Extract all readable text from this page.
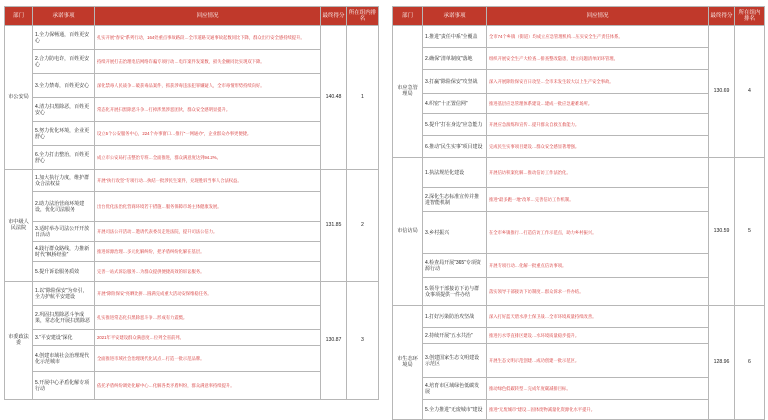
部门	承诺事项	回应情况	最终得分	所在组内排名
市公安局	1.全力保畅通，百姓更安心	扎实开展“春安”系列行动，164处重点事故路段…全市道路交通事故起数同比下降，群众出行安全感持续提升。	140.48	1
	2.合力防电诈，百姓更安心	持续开展打击治理电信网络诈骗专项行动…电诈案件发案数、损失金额同比实现双下降。		
	3.全力禁毒，百姓更安心	深化禁毒人民战争…破获毒品案件，抓获涉毒违法犯罪嫌疑人，全市毒情形势持续向好。		
	4.清力扫黑除恶，百姓更安心	常态化开展扫黑除恶斗争…打掉涉黑涉恶团伙，群众安全感明显提升。		
	5.努力优化环境，企业更舒心	设立5个公安服务中心，224个办事窗口…推行“一网通办”，企业群众办事更便捷。		
	6.全力打击整治，百姓更舒心	成立市公安局打击整治专班…全面推进，群众满意度达到94.2%。		
市中级人民法院	1.加大执行力度，维护群众合法权益	开展“执行攻坚”专项行动…执结一批涉民生案件，兑现胜诉当事人合法权益。	131.85	2
	2.助力法治营商环境建设，优化司法服务	出台优化法治化营商环境若干措施…服务保障市场主体健康发展。		
	3.适时举办司法公开开放日活动	开展司法公开活动…邀请代表委员走进法院，提升司法公信力。		
	4.践行群众路线，力推新时代“枫桥经验”	推进诉源治理…多元化解纠纷，把矛盾纠纷化解在基层。		
	5.提升诉讼服务质效	完善一站式诉讼服务…为群众提供便捷高效的诉讼服务。		
市委政法委	1.以“除险保安”为牵引，全力护航平安建设	开展“除险保安”亮晒比拼…圆满完成重大活动安保维稳任务。	130.87	3
	2.巩固扫黑除恶斗争成果，常态化开展扫黑除恶	扎实推进常态化扫黑除恶斗争…形成有力震慑。		
	3.“平安建设”深化	2021年平安建设群众满意度…位列全省前列。		
	4.创建市域社会治理现代化示范城市	全面推进市域社会治理现代化试点…打造一批示范品牌。		
	5.开展中心矛盾化解专项行动	依托矛盾纠纷调处化解中心…化解各类矛盾纠纷，群众满意率持续提升。		
部门	承诺事项	回应情况	最终得分	所在组内排名
市应急管理局	1.推进“责任中系”全覆盖	全市74个乡镇（街道）均成立应急管理机构…压实安全生产责任体系。	130.69	4
	2.确保“清单制度”落地	组织开展安全生产大检查…排查整改隐患，建立问题清单闭环管理。		
	3.打赢“除险保安”攻坚战	深入开展除险保安百日攻坚…全市未发生较大以上生产安全事故。		
	4.织密“十正置信网”	推进基层应急管理体系建设…建成一批应急避难场所。		
	5.提升“打在身边”应急能力	开展应急演练和宣传…提升群众自救互救能力。		
	6.推动“民生实事”项目建设	完成民生实事项目建设…群众安全感显著增强。		
市信访局	1.执法规范化建设	开展信访积案化解…推动信访工作法治化。	130.59	5
	2.深化生态标准宣传并推进智能机制	推进“最多跑一地”改革…完善信访工作机制。		
	3.乡村振兴	在全市乡镇推行…打造信访工作示范点，助力乡村振兴。		
	4.检查局开展“365”专项资源行动	开展专项行动…化解一批重点信访事项。		
	5.领导干部接访下访与群众事项提供一件办结	落实领导干部接访下访制度…群众诉求一件办结。		
市生态环境局	1.打好污染防治攻坚战	深入打好蓝天碧水净土保卫战…全市环境质量持续改善。	128.96	6
	2.持续开展“五水共治”	推进污水零直排区建设…水环境质量稳步提升。		
	3.创建国家生态文明建设示范区	开展生态文明示范创建…成功创建一批示范区。		
	4.培育市区域绿色低碳发展	推动绿色低碳转型…完成年度碳减排目标。		
	5.全力推进“无废城市”建设	推进“无废城市”建设…固体废物减量化资源化水平提升。		
